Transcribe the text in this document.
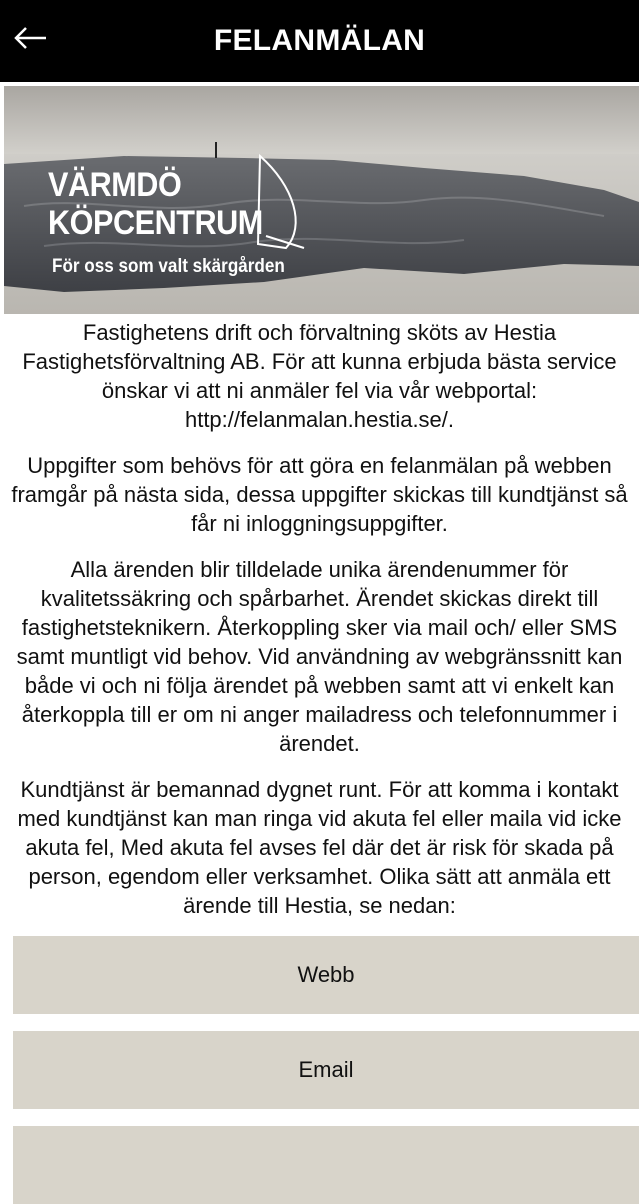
FELANMÄLAN
VÄRMDÖ
KÖPCENTRUM
För oss som valt skärgården

Fastighetens drift och förvaltning sköts av Hestia Fastighetsförvaltning AB. För att kunna erbjuda bästa service önskar vi att ni anmäler fel via vår webportal: http://felanmalan.hestia.se/.

Uppgifter som behövs för att göra en felanmälan på webben framgår på nästa sida, dessa uppgifter skickas till kundtjänst så får ni inloggningsuppgifter.

Alla ärenden blir tilldelade unika ärendenummer för kvalitetssäkring och spårbarhet. Ärendet skickas direkt till fastighetsteknikern. Återkoppling sker via mail och/ eller SMS samt muntligt vid behov. Vid användning av webgränssnitt kan både vi och ni följa ärendet på webben samt att vi enkelt kan återkoppla till er om ni anger mailadress och telefonnummer i ärendet.

Kundtjänst är bemannad dygnet runt. För att komma i kontakt med kundtjänst kan man ringa vid akuta fel eller maila vid icke akuta fel, Med akuta fel avses fel där det är risk för skada på person, egendom eller verksamhet. Olika sätt att anmäla ett ärende till Hestia, se nedan:

Webb
Email
